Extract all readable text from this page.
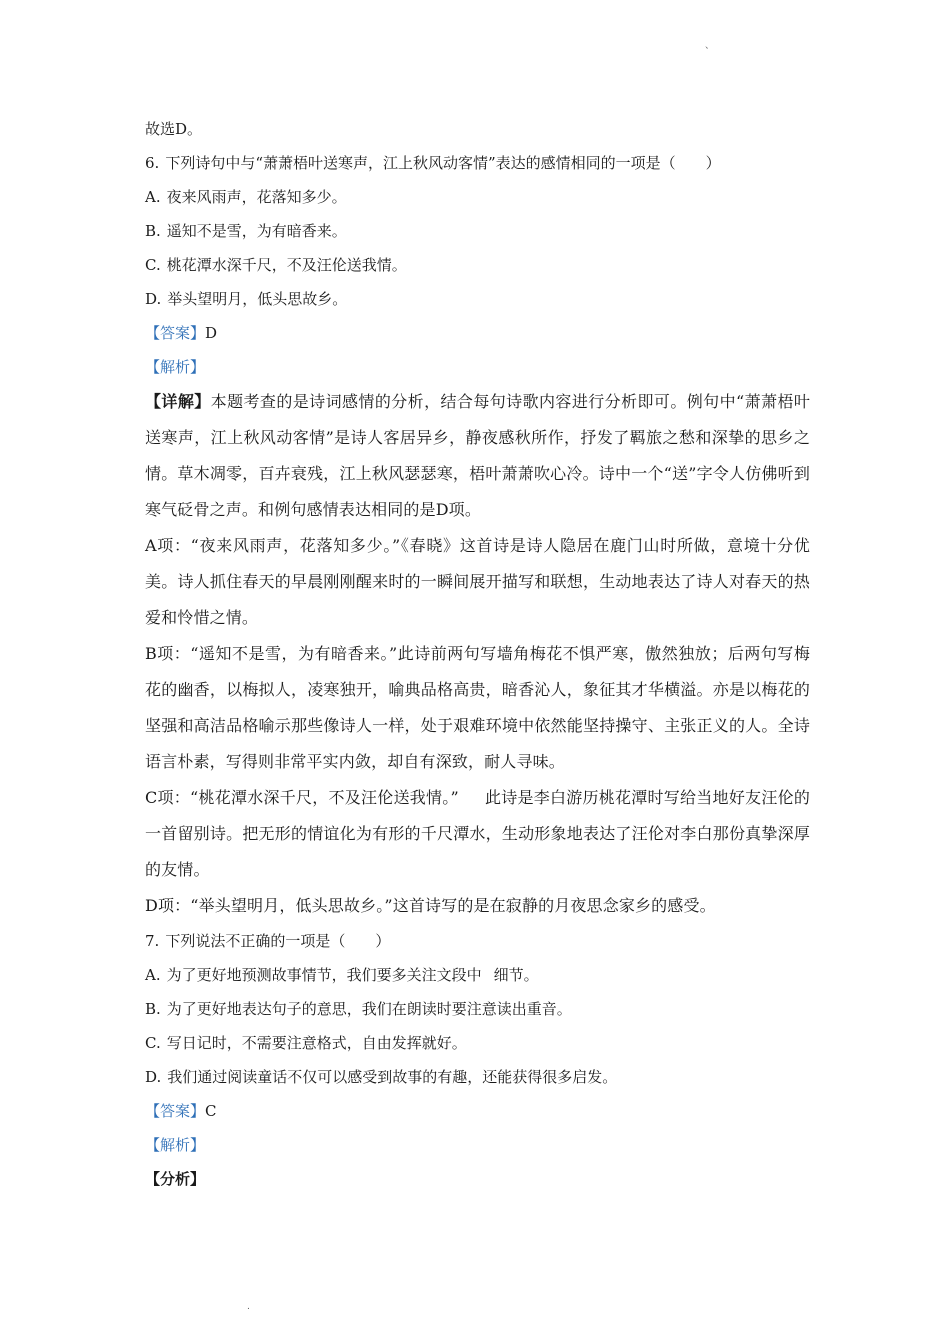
、
故选D。
6. 下列诗句中与“萧萧梧叶送寒声，江上秋风动客情”表达的感情相同的一项是（ ）
A. 夜来风雨声，花落知多少。
B. 遥知不是雪，为有暗香来。
C. 桃花潭水深千尺，不及汪伦送我情。
D. 举头望明月，低头思故乡。
【答案】D
【解析】
【详解】本题考查的是诗词感情的分析，结合每句诗歌内容进行分析即可。例句中“萧萧梧叶送寒声，江上秋风动客情”是诗人客居异乡，静夜感秋所作，抒发了羁旅之愁和深挚的思乡之情。草木凋零，百卉衰残，江上秋风瑟瑟寒，梧叶萧萧吹心冷。诗中一个“送”字令人仿佛听到寒气砭骨之声。和例句感情表达相同的是D项。
A项：“夜来风雨声，花落知多少。”《春晓》这首诗是诗人隐居在鹿门山时所做，意境十分优美。诗人抓住春天的早晨刚刚醒来时的一瞬间展开描写和联想，生动地表达了诗人对春天的热爱和怜惜之情。
B项：“遥知不是雪，为有暗香来。”此诗前两句写墙角梅花不惧严寒，傲然独放；后两句写梅花的幽香，以梅拟人，凌寒独开，喻典品格高贵，暗香沁人，象征其才华横溢。亦是以梅花的坚强和高洁品格喻示那些像诗人一样，处于艰难环境中依然能坚持操守、主张正义的人。全诗语言朴素，写得则非常平实内敛，却自有深致，耐人寻味。
C项：“桃花潭水深千尺，不及汪伦送我情。” 此诗是李白游历桃花潭时写给当地好友汪伦的一首留别诗。把无形的情谊化为有形的千尺潭水，生动形象地表达了汪伦对李白那份真挚深厚的友情。
D项：“举头望明月，低头思故乡。”这首诗写的是在寂静的月夜思念家乡的感受。
7. 下列说法不正确的一项是（ ）
A. 为了更好地预测故事情节，我们要多关注文段中 细节。
B. 为了更好地表达句子的意思，我们在朗读时要注意读出重音。
C. 写日记时，不需要注意格式，自由发挥就好。
D. 我们通过阅读童话不仅可以感受到故事的有趣，还能获得很多启发。
【答案】C
【解析】
【分析】
.
